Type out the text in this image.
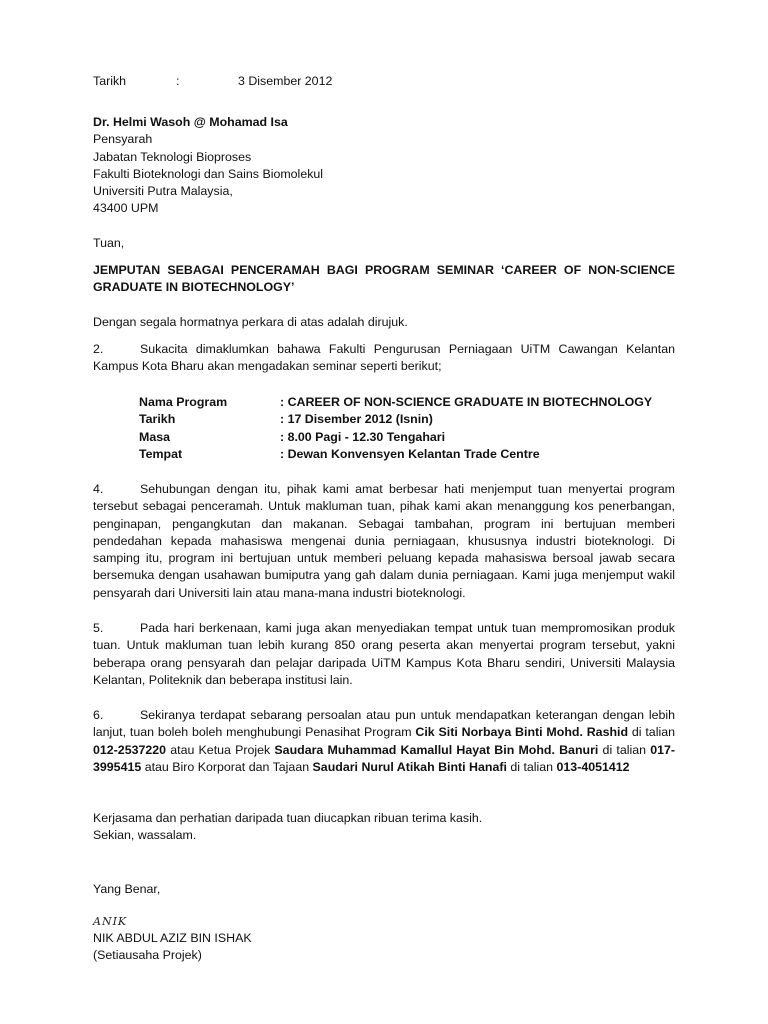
Tarikh	:	3 Disember 2012
Dr. Helmi Wasoh @ Mohamad Isa
Pensyarah
Jabatan Teknologi Bioproses
Fakulti Bioteknologi dan Sains Biomolekul
Universiti Putra Malaysia,
43400 UPM
Tuan,
JEMPUTAN SEBAGAI PENCERAMAH BAGI PROGRAM SEMINAR ‘CAREER OF NON-SCIENCE GRADUATE IN BIOTECHNOLOGY’
Dengan segala hormatnya perkara di atas adalah dirujuk.
2.	Sukacita dimaklumkan bahawa Fakulti Pengurusan Perniagaan UiTM Cawangan Kelantan Kampus Kota Bharu akan mengadakan seminar seperti berikut;
Nama Program	: CAREER OF NON-SCIENCE GRADUATE IN BIOTECHNOLOGY
Tarikh	: 17 Disember 2012 (Isnin)
Masa	: 8.00 Pagi - 12.30 Tengahari
Tempat	: Dewan Konvensyen Kelantan Trade Centre
4.	Sehubungan dengan itu, pihak kami amat berbesar hati menjemput tuan menyertai program tersebut sebagai penceramah. Untuk makluman tuan, pihak kami akan menanggung kos penerbangan, penginapan, pengangkutan dan makanan. Sebagai tambahan, program ini bertujuan memberi pendedahan kepada mahasiswa mengenai dunia perniagaan, khususnya industri bioteknologi. Di samping itu, program ini bertujuan untuk memberi peluang kepada mahasiswa bersoal jawab secara bersemuka dengan usahawan bumiputra yang gah dalam dunia perniagaan. Kami juga menjemput wakil pensyarah dari Universiti lain atau mana-mana industri bioteknologi.
5.	Pada hari berkenaan, kami juga akan menyediakan tempat untuk tuan mempromosikan produk tuan. Untuk makluman tuan lebih kurang 850 orang peserta akan menyertai program tersebut, yakni beberapa orang pensyarah dan pelajar daripada UiTM Kampus Kota Bharu sendiri, Universiti Malaysia Kelantan, Politeknik dan beberapa institusi lain.
6.	Sekiranya terdapat sebarang persoalan atau pun untuk mendapatkan keterangan dengan lebih lanjut, tuan boleh boleh menghubungi Penasihat Program Cik Siti Norbaya Binti Mohd. Rashid di talian 012-2537220 atau Ketua Projek Saudara Muhammad Kamallul Hayat Bin Mohd. Banuri di talian 017-3995415 atau Biro Korporat dan Tajaan Saudari Nurul Atikah Binti Hanafi di talian 013-4051412
Kerjasama dan perhatian daripada tuan diucapkan ribuan terima kasih.
Sekian, wassalam.
Yang Benar,
ANIK
NIK ABDUL AZIZ BIN ISHAK
(Setiausaha Projek)
